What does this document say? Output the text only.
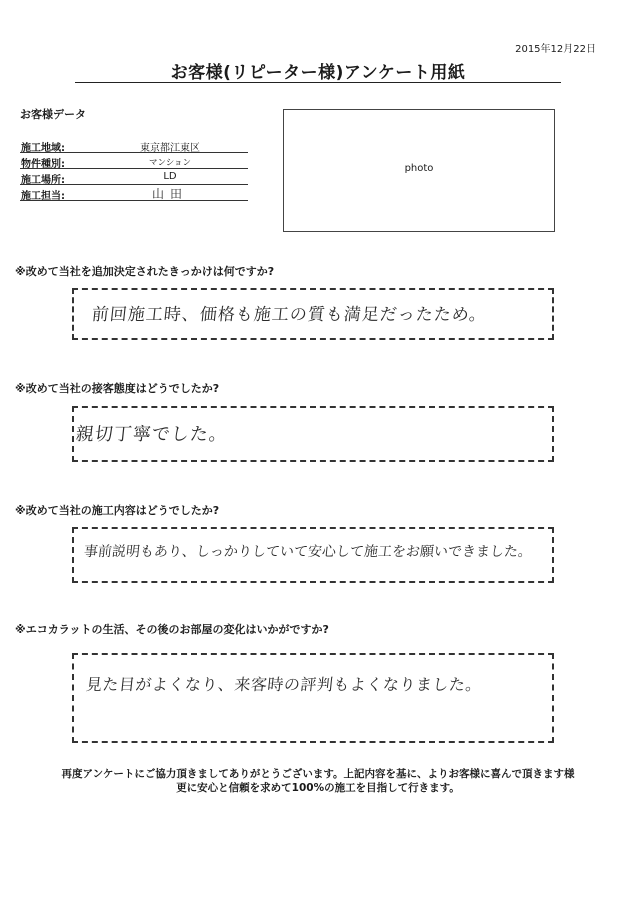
2015年12月22日
お客様(リピーター様)アンケート用紙
お客様データ
施工地域:	東京都江東区
物件種別:	マンション
施工場所:	LD
施工担当:	山田
photo
※改めて当社を追加決定されたきっかけは何ですか?
前回施工時、価格も施工の質も満足だったため。
※改めて当社の接客態度はどうでしたか?
親切丁寧でした。
※改めて当社の施工内容はどうでしたか?
事前説明もあり、しっかりしていて安心して施工をお願いできました。
※エコカラットの生活、その後のお部屋の変化はいかがですか?
見た目がよくなり、来客時の評判もよくなりました。
再度アンケートにご協力頂きましてありがとうございます。上記内容を基に、よりお客様に喜んで頂きます様
更に安心と信頼を求めて100%の施工を目指して行きます。
